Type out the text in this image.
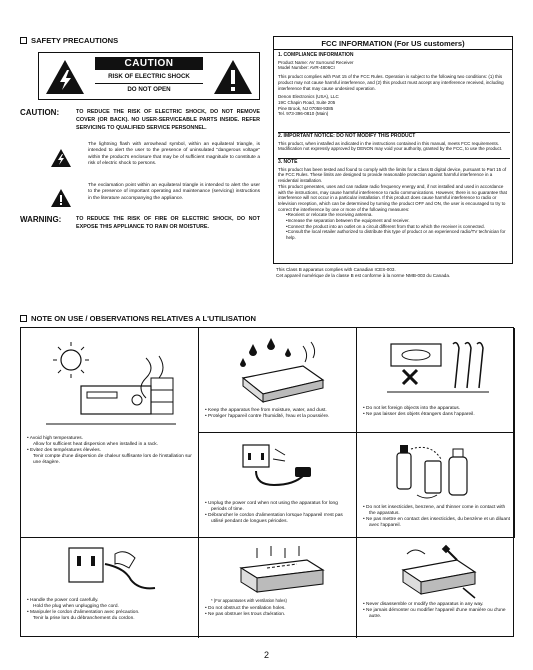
SAFETY PRECAUTIONS
CAUTION
RISK OF ELECTRIC SHOCK
DO NOT OPEN
CAUTION:	TO REDUCE THE RISK OF ELECTRIC SHOCK, DO NOT REMOVE COVER (OR BACK). NO USER-SERVICEABLE PARTS INSIDE. REFER SERVICING TO QUALIFIED SERVICE PERSONNEL.
The lightning flash with arrowhead symbol, within an equilateral triangle, is intended to alert the user to the presence of uninsulated "dangerous voltage" within the product's enclosure that may be of sufficient magnitude to constitute a risk of electric shock to persons.
The exclamation point within an equilateral triangle is intended to alert the user to the presence of important operating and maintenance (servicing) instructions in the literature accompanying the appliance.
WARNING:	TO REDUCE THE RISK OF FIRE OR ELECTRIC SHOCK, DO NOT EXPOSE THIS APPLIANCE TO RAIN OR MOISTURE.
FCC INFORMATION (For US customers)
1. COMPLIANCE INFORMATION
Product Name: AV Surround Receiver
Model Number: AVR-4806CI
This product complies with Part 15 of the FCC Rules. Operation is subject to the following two conditions: (1) this product may not cause harmful interference, and (2) this product must accept any interference received, including interference that may cause undesired operation.
Denon Electronics (USA), LLC
19C Chapin Road, Suite 205
Pine Brook, NJ 07058-9385
Tel. 973-396-0810 (Main)
2. IMPORTANT NOTICE: DO NOT MODIFY THIS PRODUCT
This product, when installed as indicated in the instructions contained in this manual, meets FCC requirements. Modification not expressly approved by DENON may void your authority, granted by the FCC, to use the product.
3. NOTE
This product has been tested and found to comply with the limits for a Class B digital device, pursuant to Part 15 of the FCC Rules. These limits are designed to provide reasonable protection against harmful interference in a residential installation.
This product generates, uses and can radiate radio frequency energy and, if not installed and used in accordance with the instructions, may cause harmful interference to radio communications. However, there is no guarantee that interference will not occur in a particular installation. If this product does cause harmful interference to radio or television reception, which can be determined by turning the product OFF and ON, the user is encouraged to try to correct the interference by one or more of the following measures:
• Reorient or relocate the receiving antenna.
• Increase the separation between the equipment and receiver.
• Connect the product into an outlet on a circuit different from that to which the receiver is connected.
• Consult the local retailer authorized to distribute this type of product or an experienced radio/TV technician for help.
This Class B apparatus complies with Canadian ICES-003.
Cet appareil numérique de la classe B est conforme à la norme NMB-003 du Canada.
NOTE ON USE / OBSERVATIONS RELATIVES A L'UTILISATION
• Avoid high temperatures.
Allow for sufficient heat dispersion when installed in a rack.
• Evitez des températures élevées.
Tenir compte d'une dispersion de chaleur suffisante lors de l'installation sur une étagère.
• Keep the apparatus free from moisture, water, and dust.
• Protéger l'appareil contre l'humidité, l'eau et la poussière.
• Do not let foreign objects into the apparatus.
• Ne pas laisser des objets étrangers dans l'appareil.
• Unplug the power cord when not using the apparatus for long periods of time.
• Débrancher le cordon d'alimentation lorsque l'appareil n'est pas utilisé pendant de longues périodes.
• Do not let insecticides, benzene, and thinner come in contact with the apparatus.
• Ne pas mettre en contact des insecticides, du benzène et un diluant avec l'appareil.
• Handle the power cord carefully.
Hold the plug when unplugging the cord.
• Manipuler le cordon d'alimentation avec précaution.
Tenir la prise lors du débranchement du cordon.
* (For apparatuses with ventilation holes)
• Do not obstruct the ventilation holes.
• Ne pas obstruer les trous d'aération.
• Never disassemble or modify the apparatus in any way.
• Ne jamais démonter ou modifier l'appareil d'une manière ou d'une autre.
2
